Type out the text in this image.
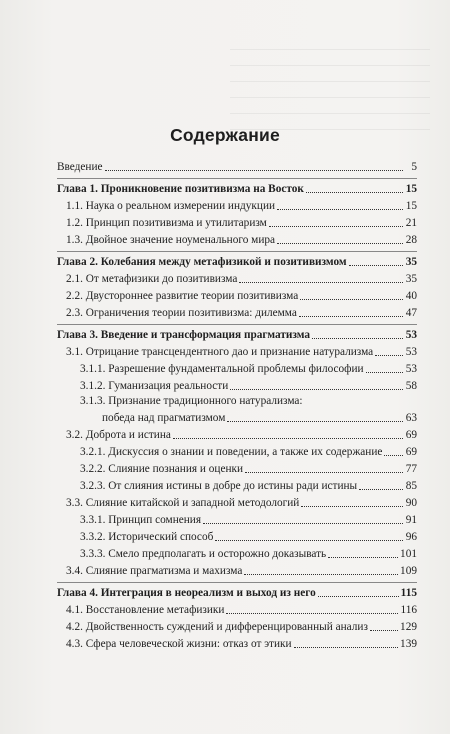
Содержание
Введение	5
Глава 1. Проникновение позитивизма на Восток	15
1.1. Наука о реальном измерении индукции	15
1.2. Принцип позитивизма и утилитаризм	21
1.3. Двойное значение ноуменального мира	28
Глава 2. Колебания между метафизикой и позитивизмом	35
2.1. От метафизики до позитивизма	35
2.2. Двустороннее развитие теории позитивизма	40
2.3. Ограничения теории позитивизма: дилемма	47
Глава 3. Введение и трансформация прагматизма	53
3.1. Отрицание трансцендентного дао и признание натурализма	53
3.1.1. Разрешение фундаментальной проблемы философии	53
3.1.2. Гуманизация реальности	58
3.1.3. Признание традиционного натурализма:
победа над прагматизмом	63
3.2. Доброта и истина	69
3.2.1. Дискуссия о знании и поведении, а также их содержание 69
3.2.2. Слияние познания и оценки	77
3.2.3. От слияния истины в добре до истины ради истины	85
3.3. Слияние китайской и западной методологий	90
3.3.1. Принцип сомнения	91
3.3.2. Исторический способ	96
3.3.3. Смело предполагать и осторожно доказывать	101
3.4. Слияние прагматизма и махизма	109
Глава 4. Интеграция в неореализм и выход из него	115
4.1. Восстановление метафизики	116
4.2. Двойственность суждений и дифференцированный анализ	129
4.3. Сфера человеческой жизни: отказ от этики	139
